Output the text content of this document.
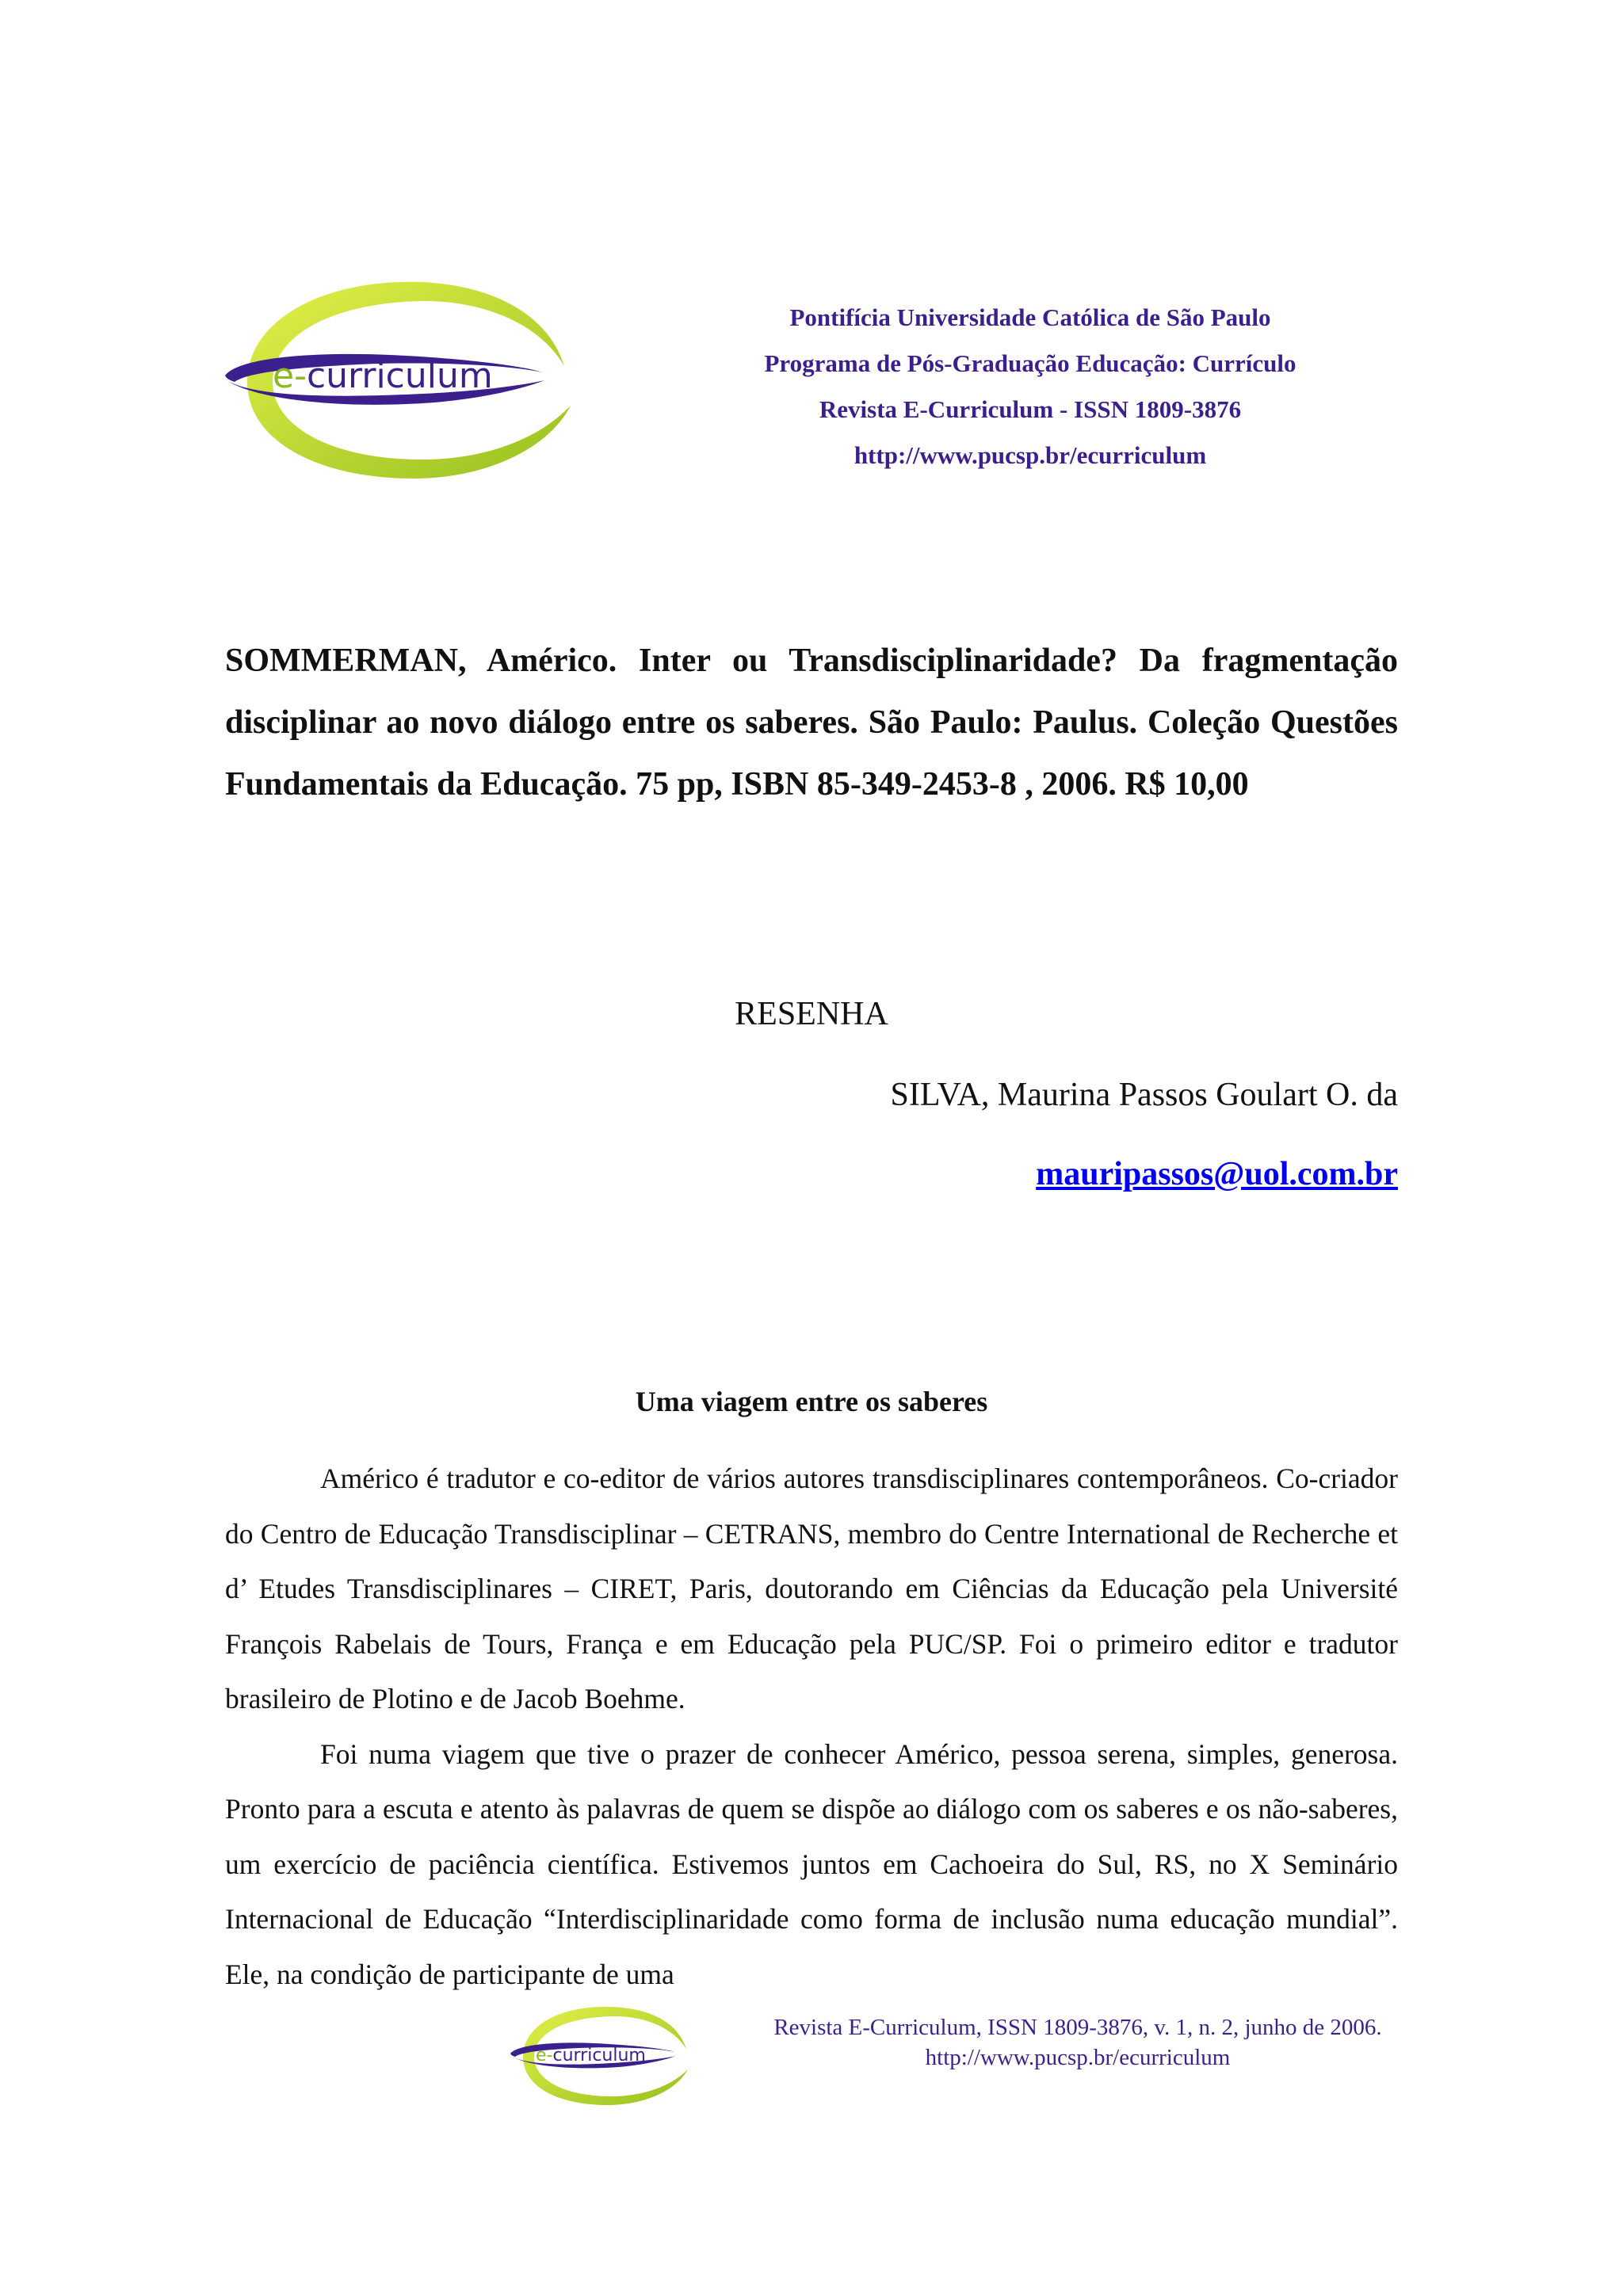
e-curriculum
Pontifícia Universidade Católica de São Paulo
Programa de Pós-Graduação Educação: Currículo
Revista E-Curriculum - ISSN 1809-3876
http://www.pucsp.br/ecurriculum

SOMMERMAN, Américo. Inter ou Transdisciplinaridade? Da fragmentação disciplinar ao novo diálogo entre os saberes. São Paulo: Paulus. Coleção Questões Fundamentais da Educação. 75 pp, ISBN 85-349-2453-8 , 2006. R$ 10,00

RESENHA
SILVA, Maurina Passos Goulart O. da
mauripassos@uol.com.br
Uma viagem entre os saberes

Américo é tradutor e co-editor de vários autores transdisciplinares contemporâneos. Co-criador do Centro de Educação Transdisciplinar – CETRANS, membro do Centre International de Recherche et d’ Etudes Transdisciplinares – CIRET, Paris, doutorando em Ciências da Educação pela Université François Rabelais de Tours, França e em Educação pela PUC/SP. Foi o primeiro editor e tradutor brasileiro de Plotino e de Jacob Boehme.

Foi numa viagem que tive o prazer de conhecer Américo, pessoa serena, simples, generosa. Pronto para a escuta e atento às palavras de quem se dispõe ao diálogo com os saberes e os não-saberes, um exercício de paciência científica. Estivemos juntos em Cachoeira do Sul, RS, no X Seminário Internacional de Educação “Interdisciplinaridade como forma de inclusão numa educação mundial”. Ele, na condição de participante de uma

e-curriculum
Revista E-Curriculum, ISSN 1809-3876, v. 1, n. 2, junho de 2006.
http://www.pucsp.br/ecurriculum
